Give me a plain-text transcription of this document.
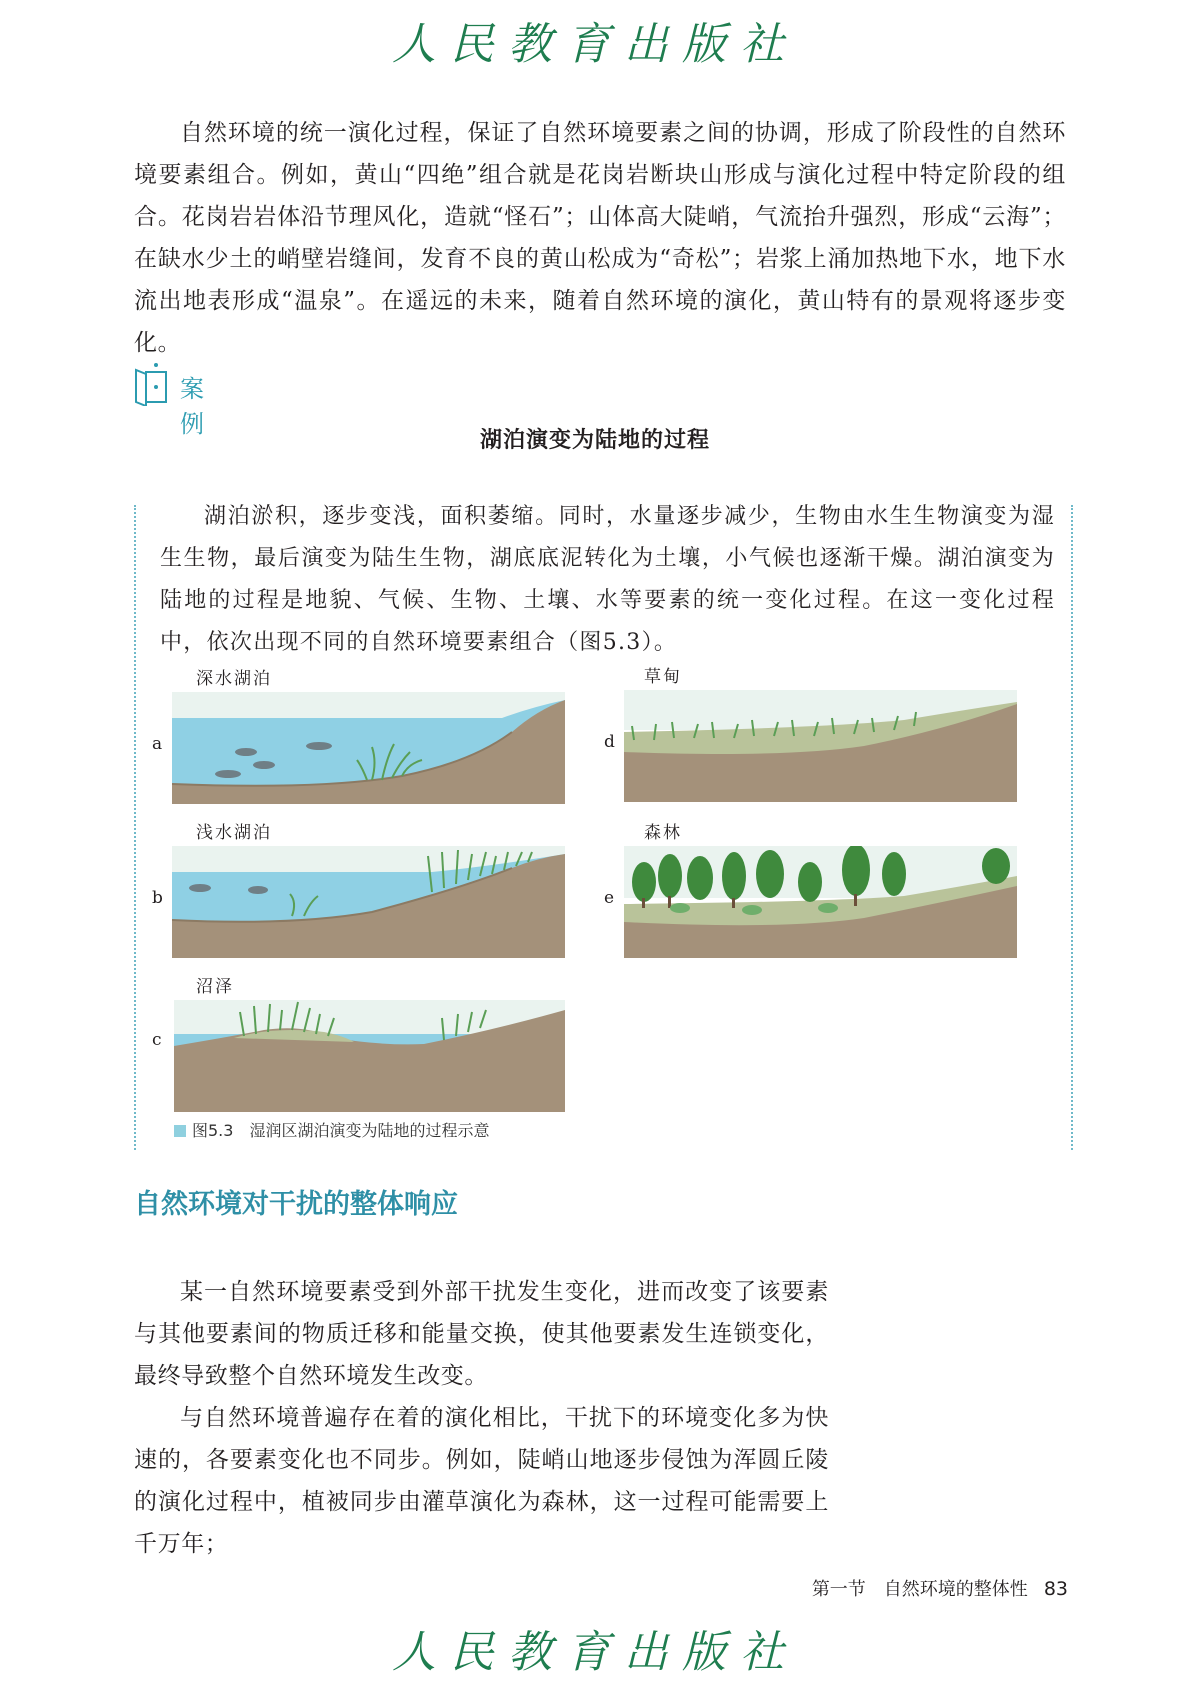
人民教育出版社

自然环境的统一演化过程，保证了自然环境要素之间的协调，形成了阶段性的自然环境要素组合。例如，黄山“四绝”组合就是花岗岩断块山形成与演化过程中特定阶段的组合。花岗岩岩体沿节理风化，造就“怪石”；山体高大陡峭，气流抬升强烈，形成“云海”；在缺水少土的峭壁岩缝间，发育不良的黄山松成为“奇松”；岩浆上涌加热地下水，地下水流出地表形成“温泉”。在遥远的未来，随着自然环境的演化，黄山特有的景观将逐步变化。

案 例
湖泊演变为陆地的过程

湖泊淤积，逐步变浅，面积萎缩。同时，水量逐步减少，生物由水生生物演变为湿生生物，最后演变为陆生生物，湖底底泥转化为土壤，小气候也逐渐干燥。湖泊演变为陆地的过程是地貌、气候、生物、土壤、水等要素的统一变化过程。在这一变化过程中，依次出现不同的自然环境要素组合（图5.3）。

深水湖泊
a
浅水湖泊
b
沼泽
c
草甸
d
森林
e
图5.3　湿润区湖泊演变为陆地的过程示意
自然环境对干扰的整体响应

某一自然环境要素受到外部干扰发生变化，进而改变了该要素与其他要素间的物质迁移和能量交换，使其他要素发生连锁变化，最终导致整个自然环境发生改变。

与自然环境普遍存在着的演化相比，干扰下的环境变化多为快速的，各要素变化也不同步。例如，陡峭山地逐步侵蚀为浑圆丘陵的演化过程中，植被同步由灌草演化为森林，这一过程可能需要上千万年；

第一节　自然环境的整体性 83
人民教育出版社
